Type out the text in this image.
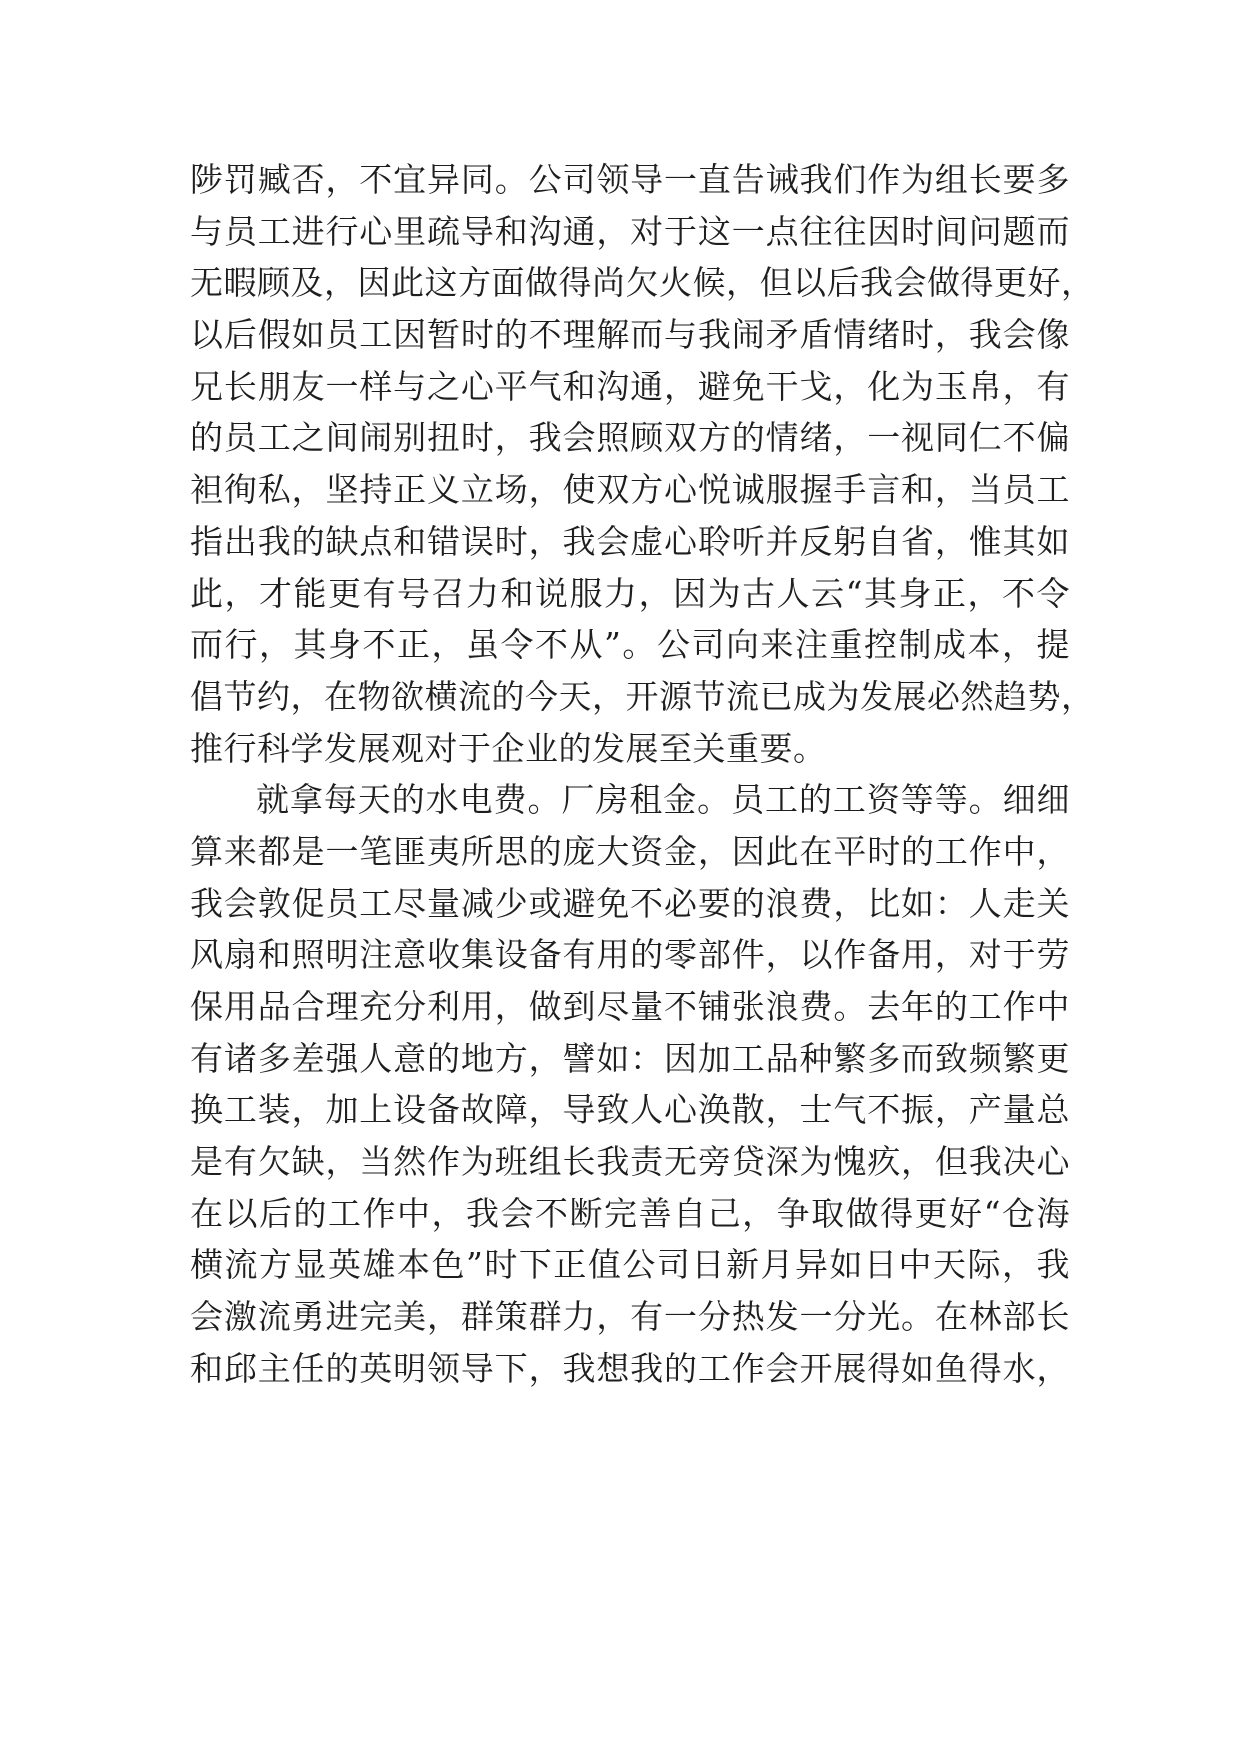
陟罚臧否，不宜异同。公司领导一直告诫我们作为组长要多
与员工进行心里疏导和沟通，对于这一点往往因时间问题而
无暇顾及，因此这方面做得尚欠火候，但以后我会做得更好，
以后假如员工因暂时的不理解而与我闹矛盾情绪时，我会像
兄长朋友一样与之心平气和沟通，避免干戈，化为玉帛，有
的员工之间闹别扭时，我会照顾双方的情绪，一视同仁不偏
袒徇私，坚持正义立场，使双方心悦诚服握手言和，当员工
指出我的缺点和错误时，我会虚心聆听并反躬自省，惟其如
此，才能更有号召力和说服力，因为古人云“其身正，不令
而行，其身不正，虽令不从”。公司向来注重控制成本，提
倡节约，在物欲横流的今天，开源节流已成为发展必然趋势，
推行科学发展观对于企业的发展至关重要。
就拿每天的水电费。厂房租金。员工的工资等等。细细
算来都是一笔匪夷所思的庞大资金，因此在平时的工作中，
我会敦促员工尽量减少或避免不必要的浪费，比如：人走关
风扇和照明注意收集设备有用的零部件，以作备用，对于劳
保用品合理充分利用，做到尽量不铺张浪费。去年的工作中
有诸多差强人意的地方，譬如：因加工品种繁多而致频繁更
换工装，加上设备故障，导致人心涣散，士气不振，产量总
是有欠缺，当然作为班组长我责无旁贷深为愧疚，但我决心
在以后的工作中，我会不断完善自己，争取做得更好“仓海
横流方显英雄本色”时下正值公司日新月异如日中天际，我
会激流勇进完美，群策群力，有一分热发一分光。在林部长
和邱主任的英明领导下，我想我的工作会开展得如鱼得水，
